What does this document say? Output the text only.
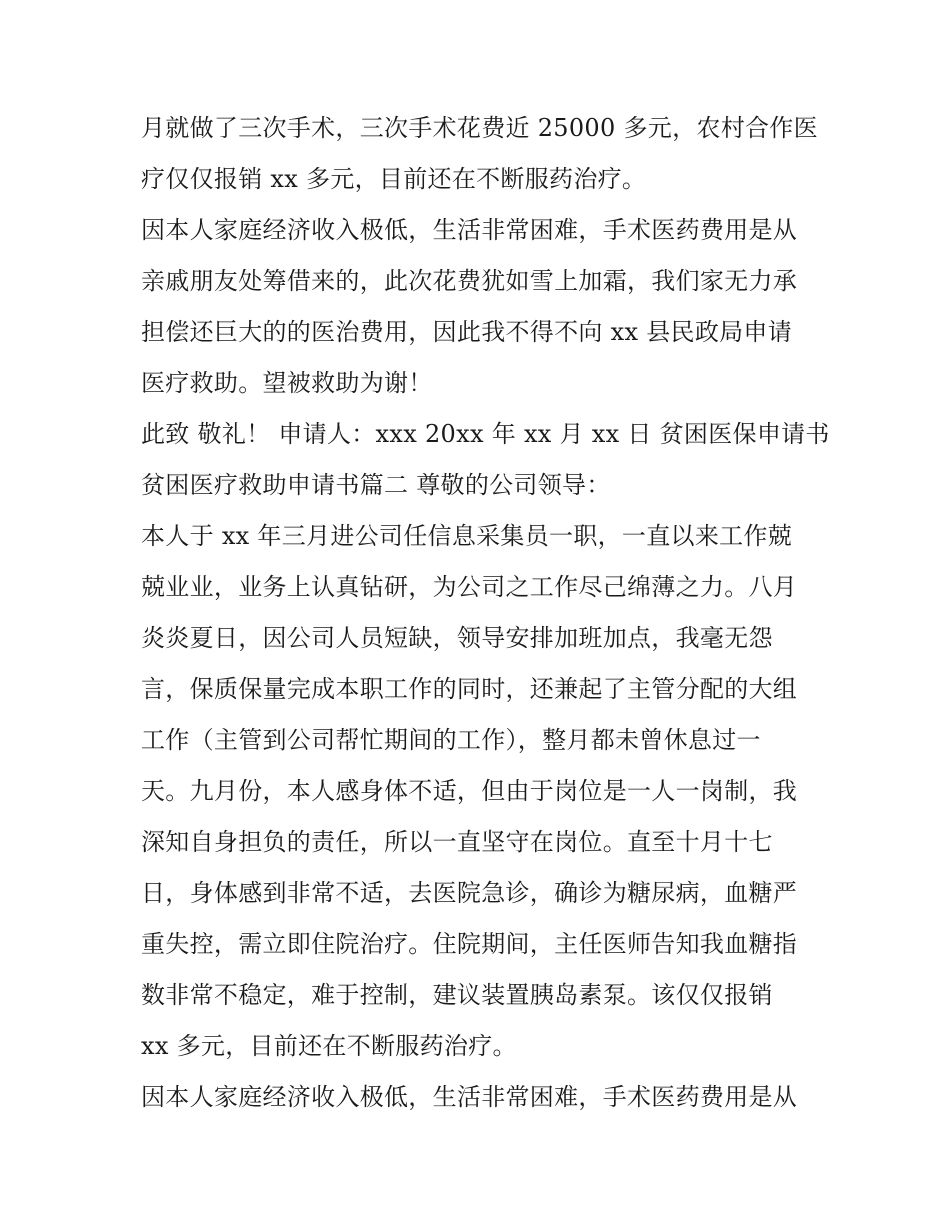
月就做了三次手术，三次手术花费近 25000 多元，农村合作医
疗仅仅报销 xx 多元，目前还在不断服药治疗。
因本人家庭经济收入极低，生活非常困难，手术医药费用是从
亲戚朋友处筹借来的，此次花费犹如雪上加霜，我们家无力承
担偿还巨大的的医治费用，因此我不得不向 xx 县民政局申请
医疗救助。望被救助为谢！
此致 敬礼！ 申请人：xxx 20xx 年 xx 月 xx 日 贫困医保申请书
贫困医疗救助申请书篇二 尊敬的公司领导：
本人于 xx 年三月进公司任信息采集员一职，一直以来工作兢
兢业业，业务上认真钻研，为公司之工作尽己绵薄之力。八月
炎炎夏日，因公司人员短缺，领导安排加班加点，我毫无怨
言，保质保量完成本职工作的同时，还兼起了主管分配的大组
工作（主管到公司帮忙期间的工作），整月都未曾休息过一
天。九月份，本人感身体不适，但由于岗位是一人一岗制，我
深知自身担负的责任，所以一直坚守在岗位。直至十月十七
日，身体感到非常不适，去医院急诊，确诊为糖尿病，血糖严
重失控，需立即住院治疗。住院期间，主任医师告知我血糖指
数非常不稳定，难于控制，建议装置胰岛素泵。该仅仅报销
xx 多元，目前还在不断服药治疗。
因本人家庭经济收入极低，生活非常困难，手术医药费用是从
